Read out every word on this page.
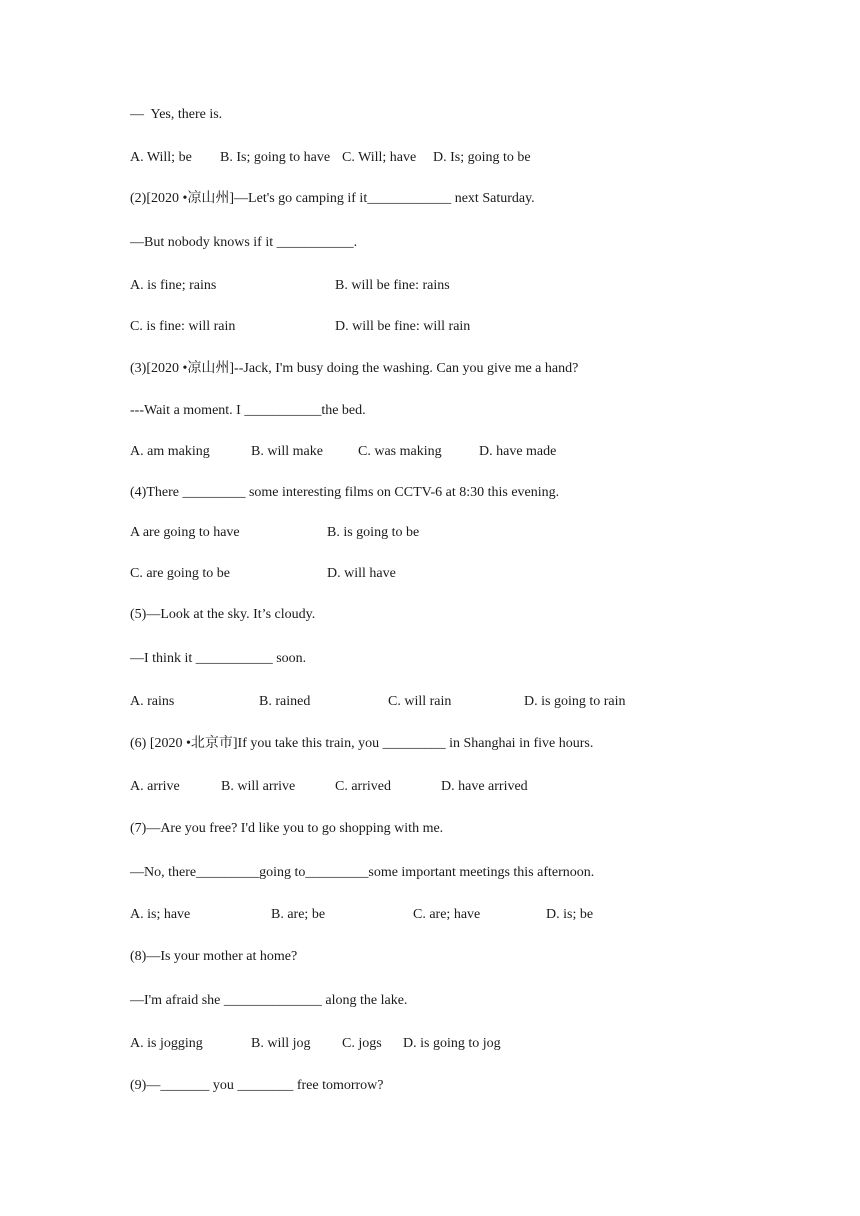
—  Yes, there is.
A. Will; be B. Is; going to have C. Will; have D. Is; going to be
(2)[2020 •凉山州]—Let's go camping if it____________ next Saturday.
—But nobody knows if it ___________.
A. is fine; rains	B. will be fine: rains
C. is fine: will rain	D. will be fine: will rain
(3)[2020 •凉山州]--Jack, I'm busy doing the washing. Can you give me a hand?
---Wait a moment. I ___________the bed.
A. am making	B. will make	C. was making	D. have made
(4)There _________ some interesting films on CCTV-6 at 8:30 this evening.
A are going to have	B. is going to be
C. are going to be	D. will have
(5)—Look at the sky. It’s cloudy.
—I think it ___________ soon.
A. rains	B. rained	C. will rain	D. is going to rain
(6) [2020 •北京市]If you take this train, you _________ in Shanghai in five hours.
A. arrive	B. will arrive	C. arrived	D. have arrived
(7)—Are you free? I'd like you to go shopping with me.
—No, there_________going to_________some important meetings this afternoon.
A. is; have	B. are; be	C. are; have	D. is; be
(8)—Is your mother at home?
—I'm afraid she ______________ along the lake.
A. is jogging	B. will jog C. jogs D. is going to jog
(9)—_______ you ________ free tomorrow?
